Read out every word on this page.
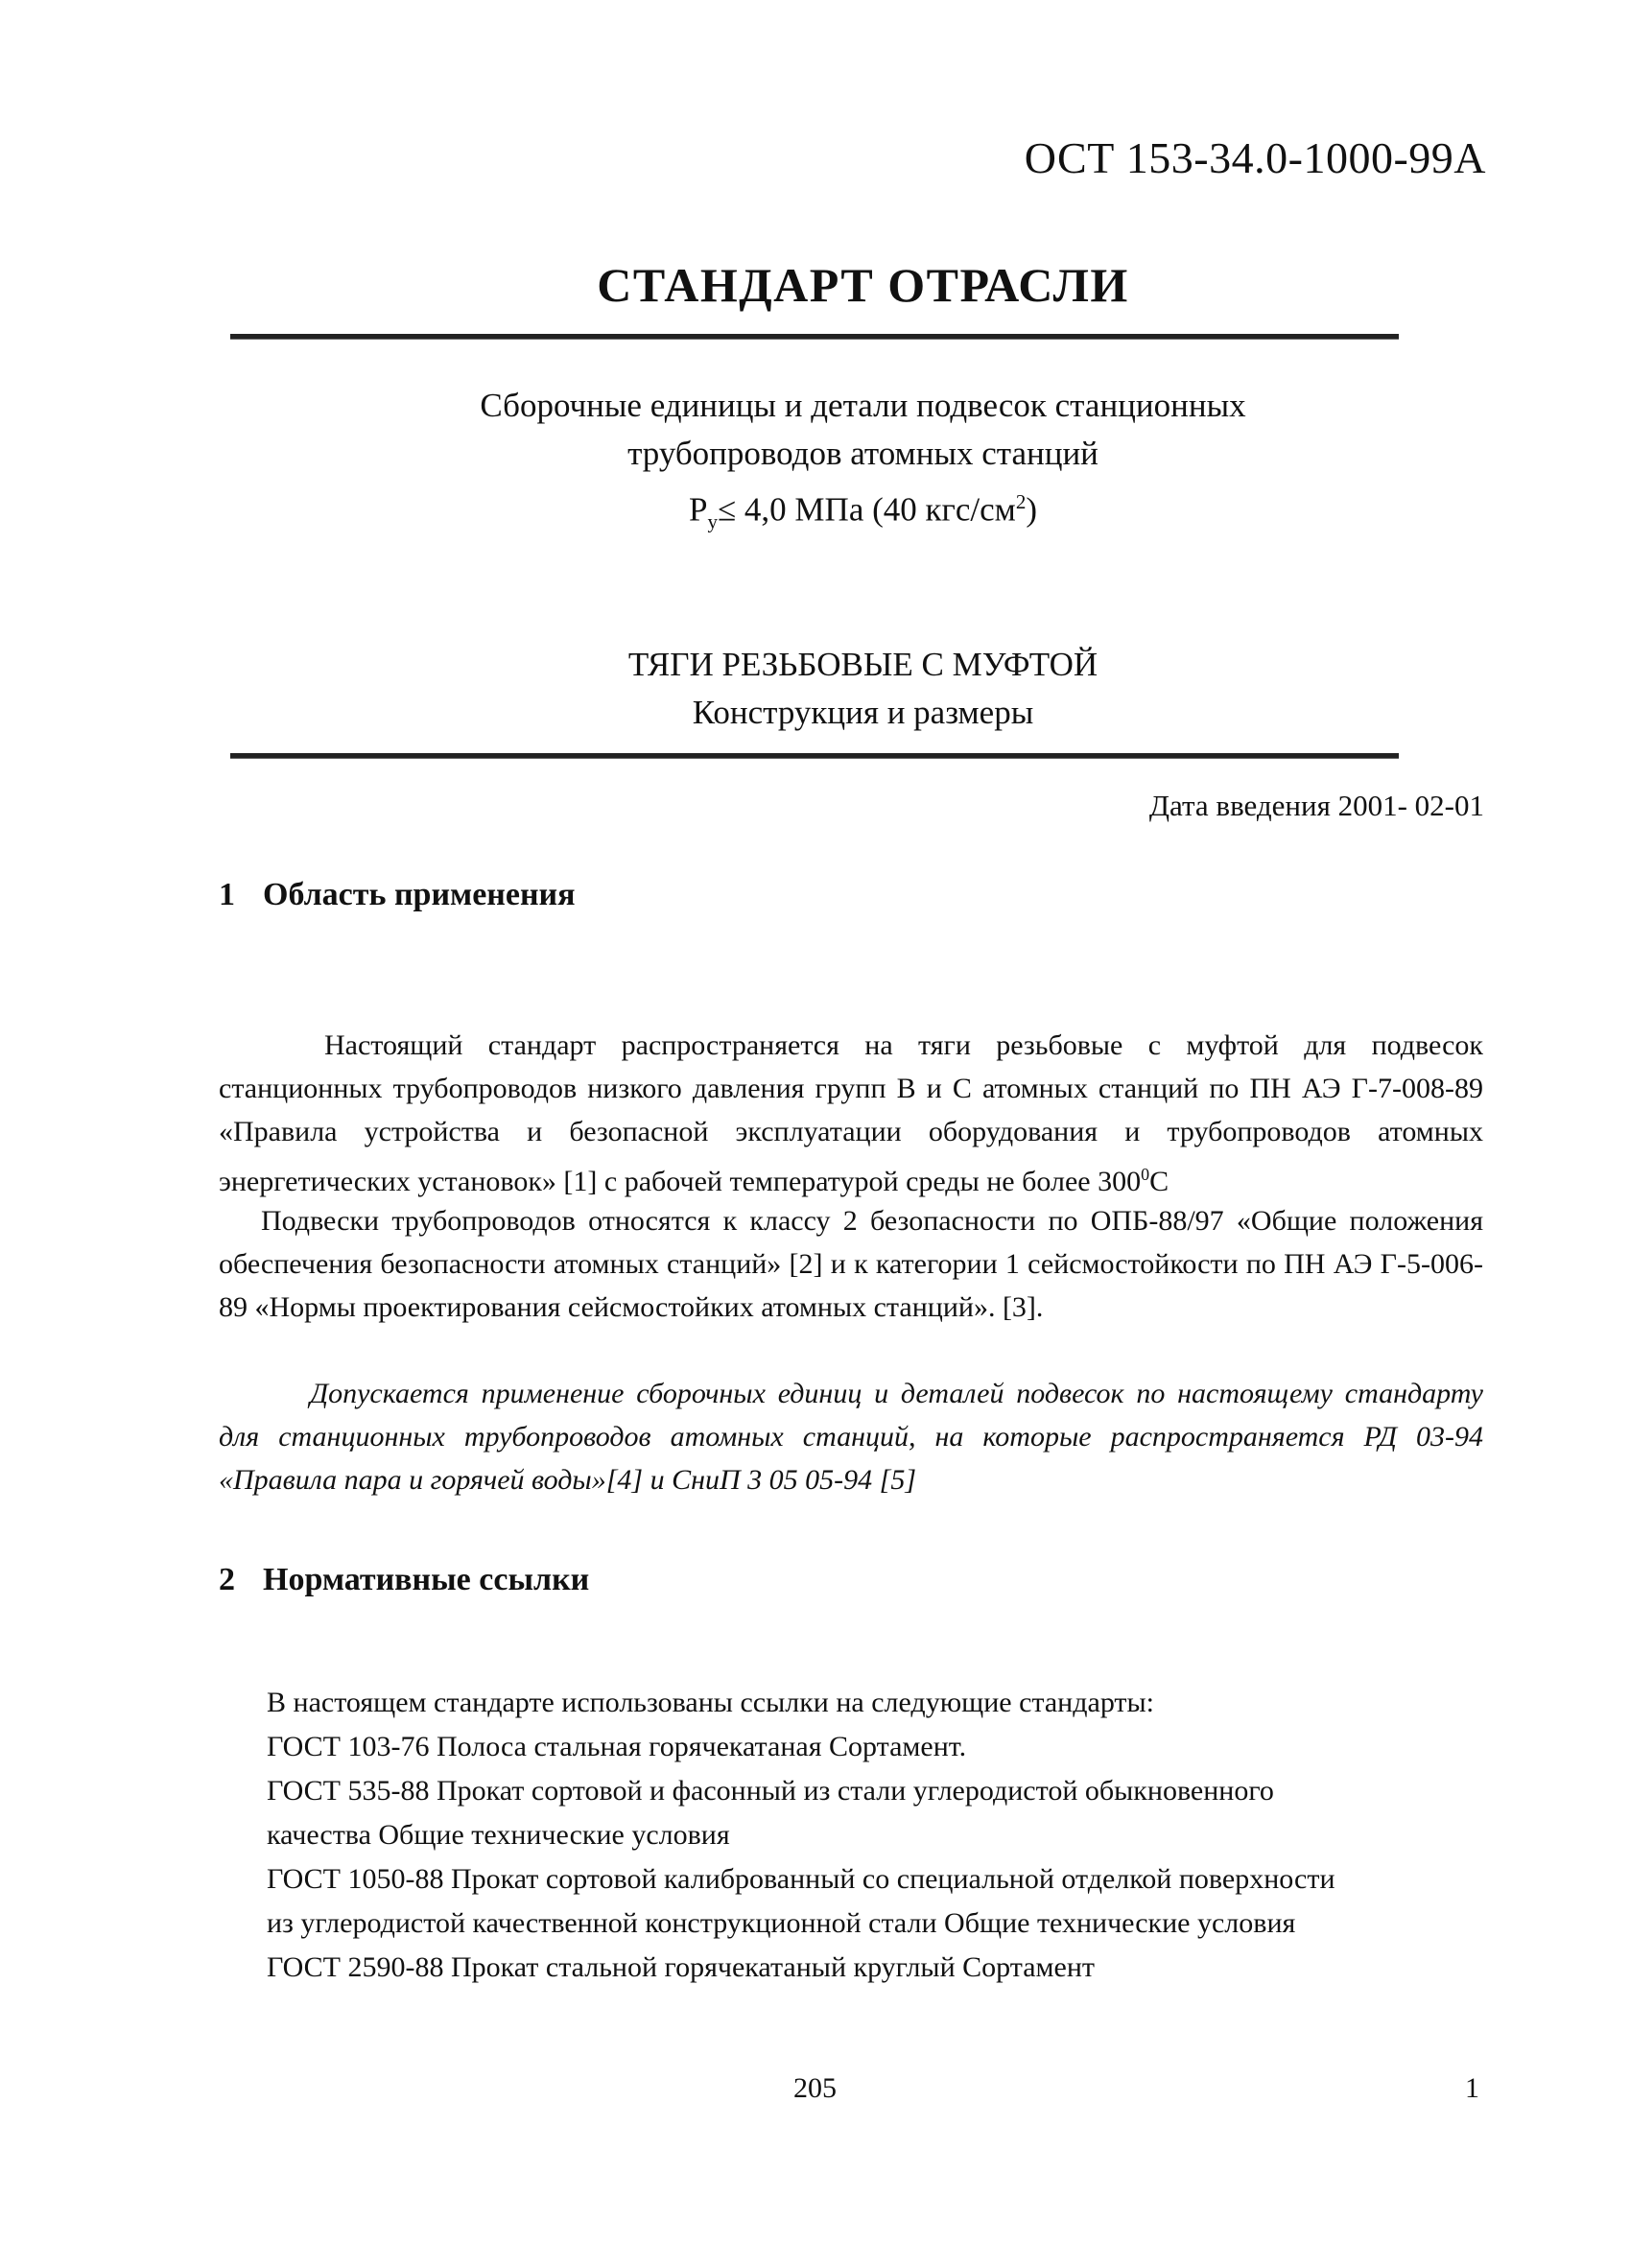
ОСТ 153-34.0-1000-99А
СТАНДАРТ ОТРАСЛИ
Сборочные единицы и детали подвесок станционных
трубопроводов атомных станций
$P_у\le 4,0$ МПа (40 кгс/$см^2$)
ТЯГИ РЕЗЬБОВЫЕ С МУФТОЙ
Конструкция и размеры
Дата введения 2001- 02-01
1 Область применения
Настоящий стандарт распространяется на тяги резьбовые с муфтой для подвесок станционных трубопроводов низкого давления групп В и С атомных станций по ПН АЭ Г-7-008-89 «Правила устройства и безопасной эксплуатации оборудования и трубопроводов атомных энергетических установок» [1] с рабочей температурой среды не более $300^0С$
Подвески трубопроводов относятся к классу 2 безопасности по ОПБ-88/97 «Общие положения обеспечения безопасности атомных станций» [2] и к категории 1 сейсмостойкости по ПН АЭ Г-5-006-89 «Нормы проектирования сейсмостойких атомных станций». [3].
Допускается применение сборочных единиц и деталей подвесок по настоящему стандарту для станционных трубопроводов атомных станций, на которые распространяется РД 03-94 «Правила пара и горячей воды»[4] и СниП 3 05 05-94 [5]
2 Нормативные ссылки
В настоящем стандарте использованы ссылки на следующие стандарты:
ГОСТ 103-76 Полоса стальная горячекатаная Сортамент.
ГОСТ 535-88 Прокат сортовой и фасонный из стали углеродистой обыкновенного
качества Общие технические условия
ГОСТ 1050-88 Прокат сортовой калиброванный со специальной отделкой поверхности
из углеродистой качественной конструкционной стали Общие технические условия
ГОСТ 2590-88 Прокат стальной горячекатаный круглый Сортамент
205	1
